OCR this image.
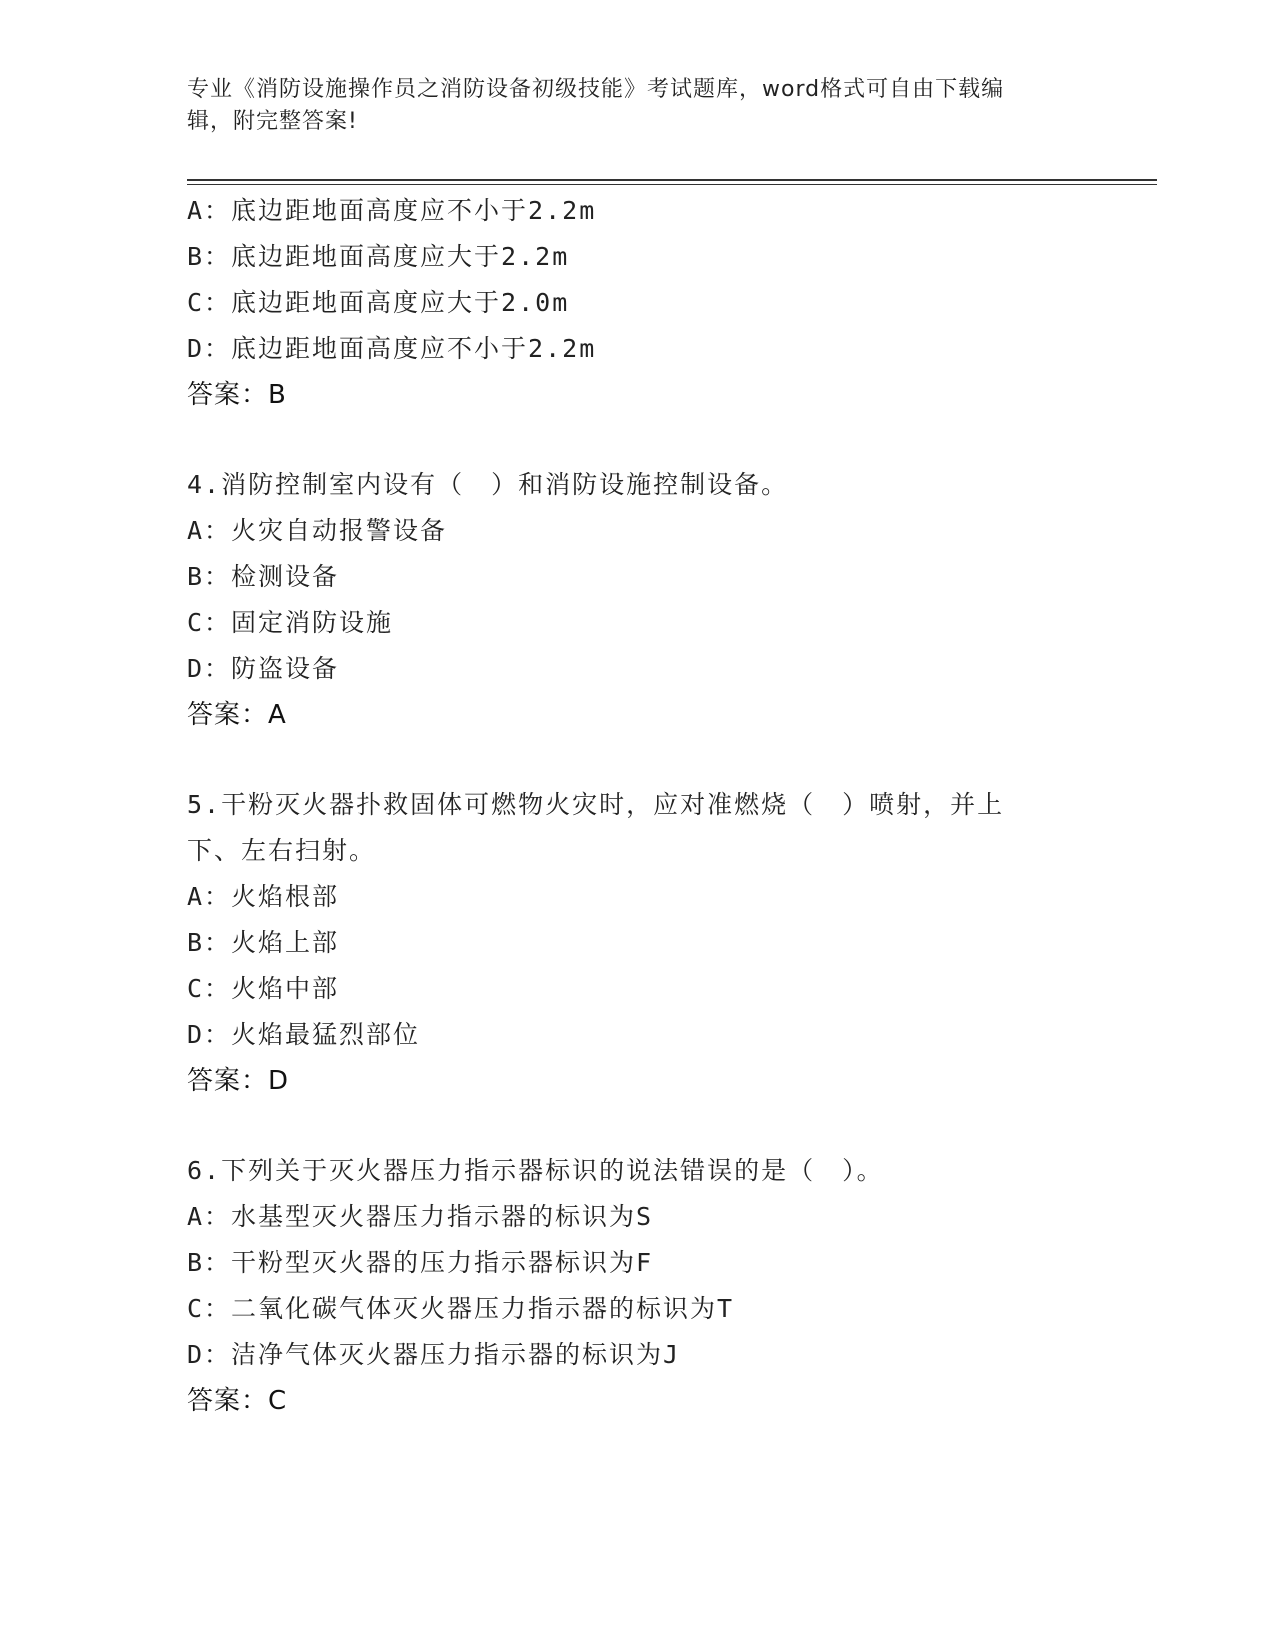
专业《消防设施操作员之消防设备初级技能》考试题库，word格式可自由下载编
辑，附完整答案!
A：底边距地面高度应不小于2.2m
B：底边距地面高度应大于2.2m
C：底边距地面高度应大于2.0m
D：底边距地面高度应不小于2.2m
答案：B
4.消防控制室内设有（　）和消防设施控制设备。
A：火灾自动报警设备
B：检测设备
C：固定消防设施
D：防盗设备
答案：A
5.干粉灭火器扑救固体可燃物火灾时，应对准燃烧（　）喷射，并上
下、左右扫射。
A：火焰根部
B：火焰上部
C：火焰中部
D：火焰最猛烈部位
答案：D
6.下列关于灭火器压力指示器标识的说法错误的是（　）。
A：水基型灭火器压力指示器的标识为S
B：干粉型灭火器的压力指示器标识为F
C：二氧化碳气体灭火器压力指示器的标识为T
D：洁净气体灭火器压力指示器的标识为J
答案：C
